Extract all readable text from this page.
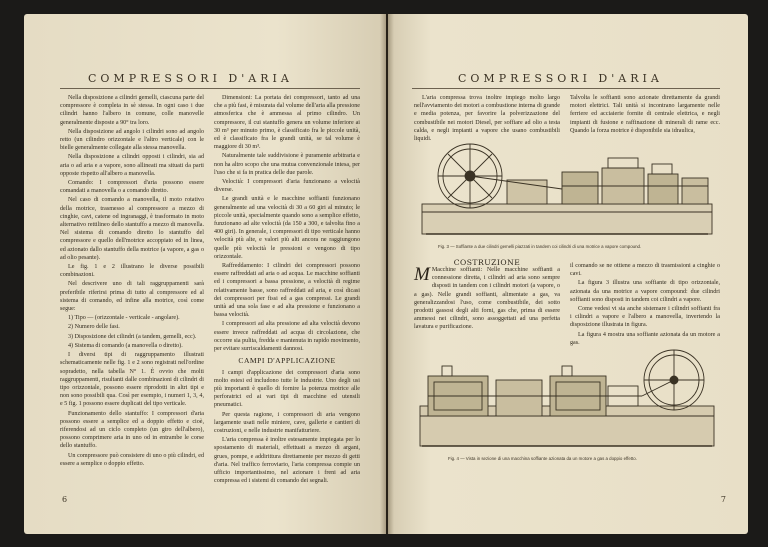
COMPRESSORI D'ARIA

Nella disposizione a cilindri gemelli, ciascuna parte del compressore è completa in sè stessa. In ogni caso i due cilindri hanno l'albero in comune, colle manovelle generalmente disposte a 90° tra loro.

Nella disposizione ad angolo i cilindri sono ad angolo retto (un cilindro orizzontale e l'altro verticale) con le bielle generalmente collegate alla stessa manovella.

Nella disposizione a cilindri opposti i cilindri, sia ad aria o ad aria e a vapore, sono allineati ma situati da parti opposte rispetto all'albero a manovella.

Comando: I compressori d'aria possono essere comandati a manovella o a comando diretto.

Nel caso di comando a manovella, il moto rotativo della motrice, trasmesso al compressore a mezzo di cinghie, cavi, catene od ingranaggi, è trasformato in moto alternativo rettilineo dello stantuffo a mezzo di manovella. Nel sistema di comando diretto lo stantuffo del compressore e quello dell'motrice accoppiato ed in linea, ed azionato dallo stantuffo della motrice (a vapore, a gas o ad olio pesante).

Le fig. 1 e 2 illustrano le diverse possibili combinazioni.

Nel descrivere uno di tali raggruppamenti sarà preferibile riferirsi prima di tutto al compressore ed al sistema di comando, ed infine alla motrice, così come segue:

1) Tipo — (orizzontale - verticale - angolare).

2) Numero delle fasi.

3) Disposizione dei cilindri (a tandem, gemelli, ecc).

4) Sistema di comando (a manovella o diretto).

I diversi tipi di raggruppamento illustrati schematicamente nelle fig. 1 e 2 sono registrati nell'ordine sopradetto, nella tabella N° 1. È ovvio che molti raggruppamenti, risultanti dalle combinazioni di cilindri di tipo orizzontale, possono essere riprodotti in altri tipi e non sono possibili qua. Così per esempio, i numeri 1, 3, 4, e 5 fig. 1 possono essere duplicati del tipo verticale.

Funzionamento dello stantuffo: I compressori d'aria possono essere a semplice ed a doppio effetto e cioè, riferendosi ad un ciclo completo (un giro dell'albero), possono comprimere aria in uno od in entrambe le corse dello stantuffo.

Un compressore può consistere di uno o più cilindri, ed essere a semplice o doppio effetto.

Dimensioni: La portata dei compressori, tanto ad una che a più fasi, è misurata dal volume dell'aria alla pressione atmosferica che è ammessa al primo cilindro. Un compressore, il cui stantuffo genera un volume inferiore ai 30 m³ per minuto primo, è classificato fra le piccole unità, ed è classificato fra le grandi unità, se tal volume è maggiore di 30 m³.

Naturalmente tale suddivisione è puramente arbitraria e non ha altro scopo che una mutua convenzionale intesa, per l'uso che si fa in pratica delle due parole.

Velocità: I compressori d'aria funzionano a velocità diverse.

Le grandi unità e le macchine soffianti funzionano generalmente ad una velocità di 30 a 60 giri al minuto; le piccole unità, specialmente quando sono a semplice effetto, funzionano ad alte velocità (da 150 a 300, e talvolta fino a 400 giri). In generale, i compressori di tipo verticale hanno velocità più alte, e valori più alti ancora ne raggiungono quelle più velocità le pressioni e vengono di tipo orizzontale.

Raffreddamento: I cilindri dei compressori possono essere raffreddati ad aria o ad acqua. Le macchine soffianti ed i compressori a bassa pressione, a velocità di regime relativamente basse, sono raffreddati ad aria, e così dicasi dei compressori per fissi ed a gas compressi. Le grandi unità ad una sola fase e ad alta pressione e funzionano a bassa velocità.

I compressori ad alta pressione ad alta velocità devono essere invece raffreddati ad acqua di circolazione, che occorre sia pulita, fredda e mantenuta in rapido movimento, per evitare surriscaldamenti dannosi.

CAMPI D'APPLICAZIONE

I campi d'applicazione dei compressori d'aria sono molto estesi ed includono tutte le industrie. Uno degli usi più importanti è quello di fornire la potenza motrice alle perforatrici ed ai vari tipi di macchine ed utensili pneumatici.

Per questa ragione, i compressori di aria vengono largamente usati nelle miniere, cave, gallerie e cantieri di costruzioni, e nelle industrie manifatturiere.

L'aria compressa è inoltre estesamente impiegata per lo spostamento di materiali, effettuati a mezzo di argani, grues, pompe, e addirittura direttamente per mezzo di getti d'aria. Nel traffico ferroviario, l'aria compressa compie un ufficio importantissimo, nel azionare i freni ad aria compressa ed i sistemi di comando dei segnali.

6
COMPRESSORI D'ARIA

L'aria compressa trova inoltre impiego molto largo nell'avviamento dei motori a combustione interna di grande e media potenza, per favorire la polverizzazione del combustibile nei motori Diesel, per soffiare ad olio a testa calda, e negli impianti a vapore che usano combustibili liquidi.

Talvolta le soffianti sono azionate direttamente da grandi motori elettrici. Tali unità si incontrano largamente nelle ferriere ed acciaierie fornite di centrale elettrica, e negli impianti di fusione e raffinazione di minerali di rame ecc. Quando la forza motrice è disponibile sia idraulica,

Fig. 3 — Soffiante a due cilindri gemelli piazzati in tandem coi cilindri di una motrice a vapore compound.
COSTRUZIONE
M Macchine soffianti: Nelle macchine soffianti a connessione diretta, i cilindri ad aria sono sempre disposti in tandem con i cilindri motori (a vapore, o a gas). Nelle grandi soffianti, alimentate a gas, va generalizzandosi l'uso, come combustibile, dei sotto prodotti gassosi degli alti forni, gas che, prima di essere ammessi nei cilindri, sono assoggettati ad una perfetta lavatura e purificazione.

il comando se ne ottiene a mezzo di trasmissioni a cinghie o cavi.

La figura 3 illustra una soffiante di tipo orizzontale, azionata da una motrice a vapore compound: due cilindri soffianti sono disposti in tandem coi cilindri a vapore.

Come vedesi vi sia anche sistemare i cilindri soffianti fra i cilindri a vapore e l'albero a manovella, invertendo la disposizione illustrata in figura.

La figura 4 mostra una soffiante azionata da un motore a gas.

Fig. 4 — Vista in sezione di una macchina soffiante azionata da un motore a gas a doppio effetto.
7
